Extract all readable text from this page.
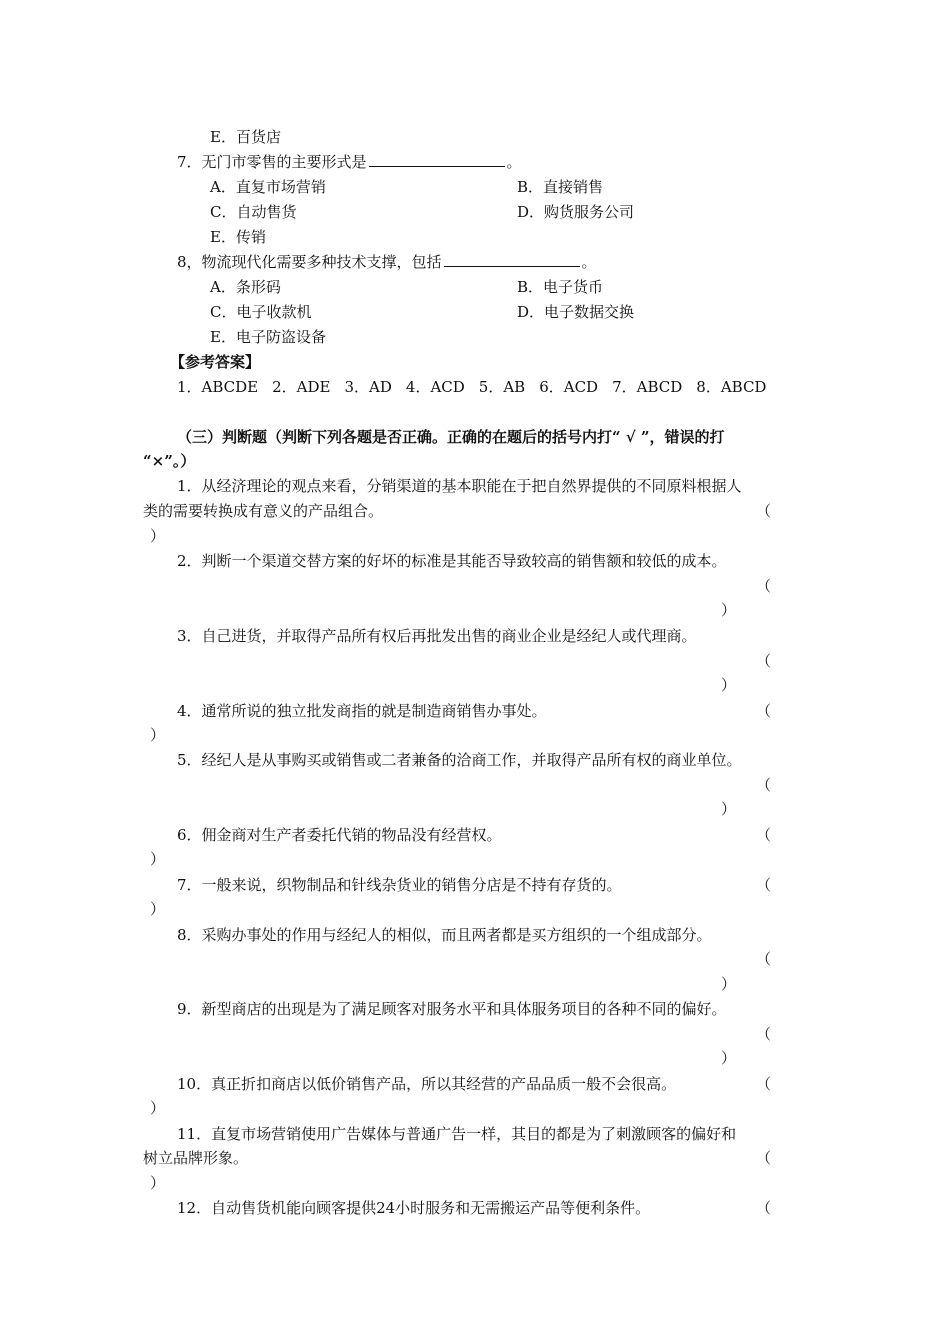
E．百货店
7．无门市零售的主要形式是	。
A．直复市场营销	B．直接销售
C．自动售货	D．购货服务公司
E．传销
8，物流现代化需要多种技术支撑，包括	。
A．条形码	B．电子货币
C．电子收款机	D．电子数据交换
E．电子防盗设备
【参考答案】
1．ABCDE 2．ADE 3．AD 4．ACD 5．AB 6．ACD 7．ABCD 8．ABCD
（三）判断题（判断下列各题是否正确。正确的在题后的括号内打“ √ ”，错误的打
“×”。）
1．从经济理论的观点来看，分销渠道的基本职能在于把自然界提供的不同原料根据人
类的需要转换成有意义的产品组合。	（
）
2．判断一个渠道交替方案的好坏的标准是其能否导致较高的销售额和较低的成本。
（
）
3．自己进货，并取得产品所有权后再批发出售的商业企业是经纪人或代理商。
（
）
4．通常所说的独立批发商指的就是制造商销售办事处。	（
）
5．经纪人是从事购买或销售或二者兼备的洽商工作，并取得产品所有权的商业单位。
（
）
6．佣金商对生产者委托代销的物品没有经营权。	（
）
7．一般来说，织物制品和针线杂货业的销售分店是不持有存货的。	（
）
8．采购办事处的作用与经纪人的相似，而且两者都是买方组织的一个组成部分。
（
）
9．新型商店的出现是为了满足顾客对服务水平和具体服务项目的各种不同的偏好。
（
）
10．真正折扣商店以低价销售产品，所以其经营的产品品质一般不会很高。	（
）
11．直复市场营销使用广告媒体与普通广告一样，其目的都是为了刺激顾客的偏好和
树立品牌形象。	（
）
12．自动售货机能向顾客提供24小时服务和无需搬运产品等便利条件。	（
